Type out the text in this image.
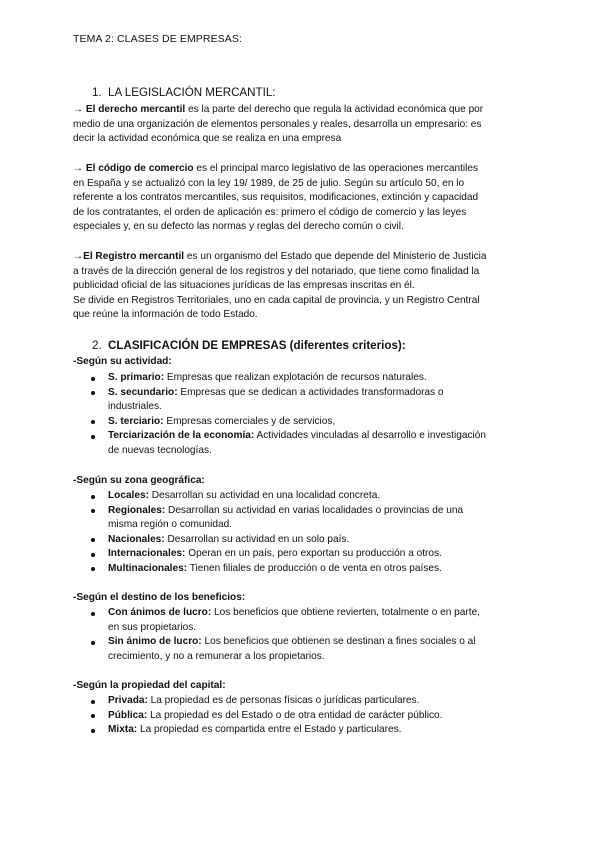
TEMA 2: CLASES DE EMPRESAS:
1. LA LEGISLACIÓN MERCANTIL:

→ El derecho mercantil es la parte del derecho que regula la actividad económica que por
medio de una organización de elementos personales y reales, desarrolla un empresario: es
decir la actividad económica que se realiza en una empresa

→ El código de comercio es el principal marco legislativo de las operaciones mercantiles
en España y se actualizó con la ley 19/ 1989, de 25 de julio. Según su artículo 50, en lo
referente a los contratos mercantiles, sus requisitos, modificaciones, extinción y capacidad
de los contratantes, el orden de aplicación es: primero el código de comercio y las leyes
especiales y, en su defecto las normas y reglas del derecho común o civil.

→El Registro mercantil es un organismo del Estado que depende del Ministerio de Justicia
a través de la dirección general de los registros y del notariado, que tiene como finalidad la
publicidad oficial de las situaciones jurídicas de las empresas inscritas en él.
Se divide en Registros Territoriales, uno en cada capital de provincia, y un Registro Central
que reúne la información de todo Estado.

2. CLASIFICACIÓN DE EMPRESAS (diferentes criterios):

-Según su actividad:

S. primario: Empresas que realizan explotación de recursos naturales.
S. secundario: Empresas que se dedican a actividades transformadoras o
industriales.
S. terciario: Empresas comerciales y de servicios,
Terciarización de la economía: Actividades vinculadas al desarrollo e investigación
de nuevas tecnologías.

-Según su zona geográfica:

Locales: Desarrollan su actividad en una localidad concreta.
Regionales: Desarrollan su actividad en varias localidades o provincias de una
misma región o comunidad.
Nacionales: Desarrollan su actividad en un solo país.
Internacionales: Operan en un país, pero exportan su producción a otros.
Multinacionales: Tienen filiales de producción o de venta en otros países.

-Según el destino de los beneficios:

Con ánimos de lucro: Los beneficios que obtiene revierten, totalmente o en parte,
en sus propietarios.
Sin ánimo de lucro: Los beneficios que obtienen se destinan a fines sociales o al
crecimiento, y no a remunerar a los propietarios.

-Según la propiedad del capital:

Privada: La propiedad es de personas físicas o jurídicas particulares.
Pública: La propiedad es del Estado o de otra entidad de carácter público.
Mixta: La propiedad es compartida entre el Estado y particulares.
